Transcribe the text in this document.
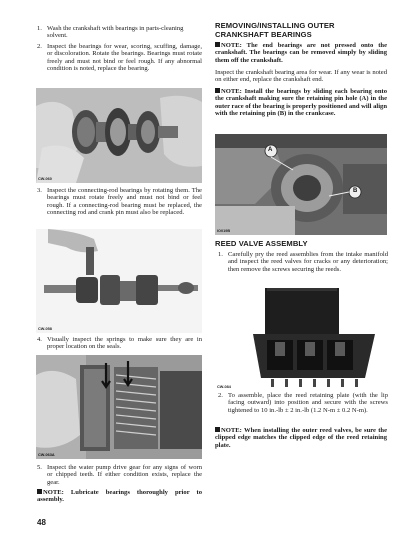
1. Wash the crankshaft with bearings in parts-cleaning solvent.
2. Inspect the bearings for wear, scoring, scuffing, damage, or discoloration. Rotate the bearings. Bearings must rotate freely and must not bind or feel rough. If any abnormal condition is noted, replace the bearing.
CW-060
3. Inspect the connecting-rod bearings by rotating them. The bearings must rotate freely and must not bind or feel rough. If a connecting-rod bearing must be replaced, the connecting rod and crank pin must also be replaced.
CW-058
4. Visually inspect the springs to make sure they are in proper location on the seals.
CW-063A
5. Inspect the water pump drive gear for any signs of worn or chipped teeth. If either condition exists, replace the gear.
NOTE: Lubricate bearings thoroughly prior to assembly.
48
REMOVING/INSTALLING OUTER CRANKSHAFT BEARINGS
NOTE: The end bearings are not pressed onto the crankshaft. The bearings can be removed simply by sliding them off the crankshaft.
Inspect the crankshaft bearing area for wear. If any wear is noted on either end, replace the crankshaft end.
NOTE: Install the bearings by sliding each bearing onto the crankshaft making sure the retaining pin hole (A) in the outer race of the bearing is properly positioned and will align with the retaining pin (B) in the crankcase.
A
B
IO019B
REED VALVE ASSEMBLY
1. Carefully pry the reed assemblies from the intake manifold and inspect the reed valves for cracks or any deterioration; then remove the screws securing the reeds.
CW-084
2. To assemble, place the reed retaining plate (with the lip facing outward) into position and secure with the screws tightened to 10 in.-lb ± 2 in.-lb (1.2 N-m ± 0.2 N-m).
NOTE: When installing the outer reed valves, be sure the clipped edge matches the clipped edge of the reed retaining plate.
